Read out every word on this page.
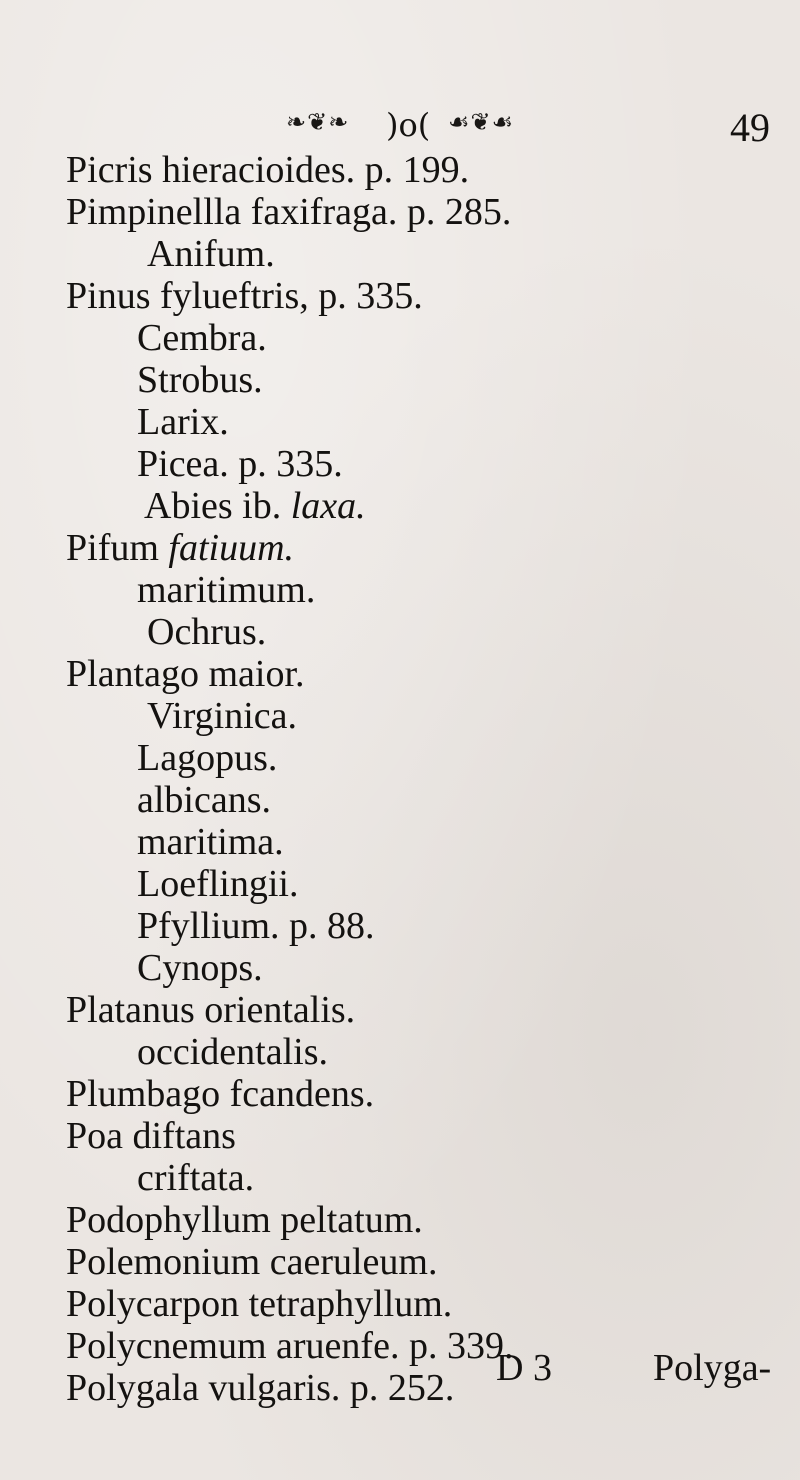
❧❦❧ )o( ☙❦☙	49
Picris hieracioides. p. 199.
Pimpinellla faxifraga. p. 285.
Anifum.
Pinus fylueftris, p. 335.
Cembra.
Strobus.
Larix.
Picea. p. 335.
Abies ib. laxa.
Pifum fatiuum.
maritimum.
Ochrus.
Plantago maior.
Virginica.
Lagopus.
albicans.
maritima.
Loeflingii.
Pfyllium. p. 88.
Cynops.
Platanus orientalis.
occidentalis.
Plumbago fcandens.
Poa diftans
criftata.
Podophyllum peltatum.
Polemonium caeruleum.
Polycarpon tetraphyllum.
Polycnemum aruenfe. p. 339.
Polygala vulgaris. p. 252. D 3	Polyga-
